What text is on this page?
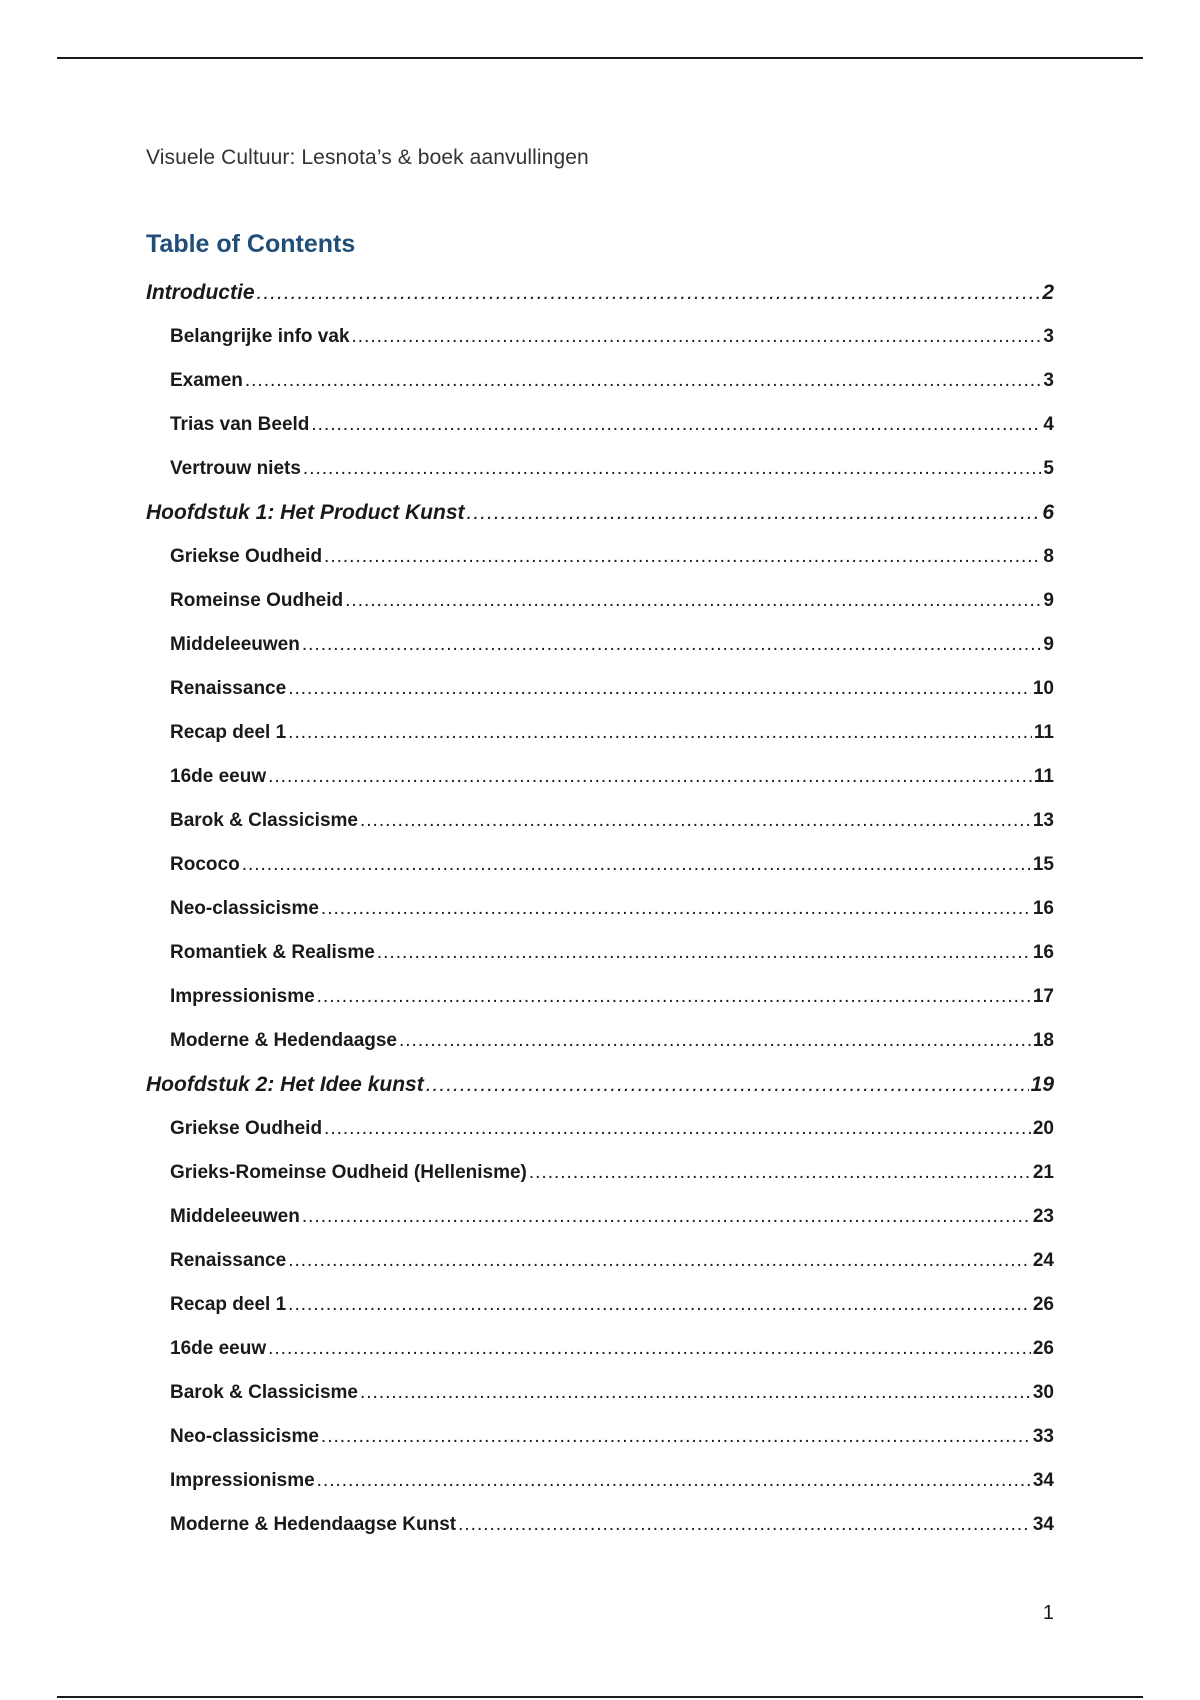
Visuele Cultuur: Lesnota’s & boek aanvullingen
Table of Contents
Introductie .....	2
Belangrijke info vak .....	3
Examen .....	3
Trias van Beeld .....	4
Vertrouw niets .....	5
Hoofdstuk 1: Het Product Kunst .....	6
Griekse Oudheid .....	8
Romeinse Oudheid .....	9
Middeleeuwen .....	9
Renaissance .....	10
Recap deel 1 .....	11
16de eeuw .....	11
Barok & Classicisme .....	13
Rococo .....	15
Neo-classicisme .....	16
Romantiek & Realisme .....	16
Impressionisme .....	17
Moderne & Hedendaagse .....	18
Hoofdstuk 2: Het Idee kunst .....	19
Griekse Oudheid .....	20
Grieks-Romeinse Oudheid (Hellenisme) .....	21
Middeleeuwen .....	23
Renaissance .....	24
Recap deel 1 .....	26
16de eeuw .....	26
Barok & Classicisme .....	30
Neo-classicisme .....	33
Impressionisme .....	34
Moderne & Hedendaagse Kunst .....	34
1
